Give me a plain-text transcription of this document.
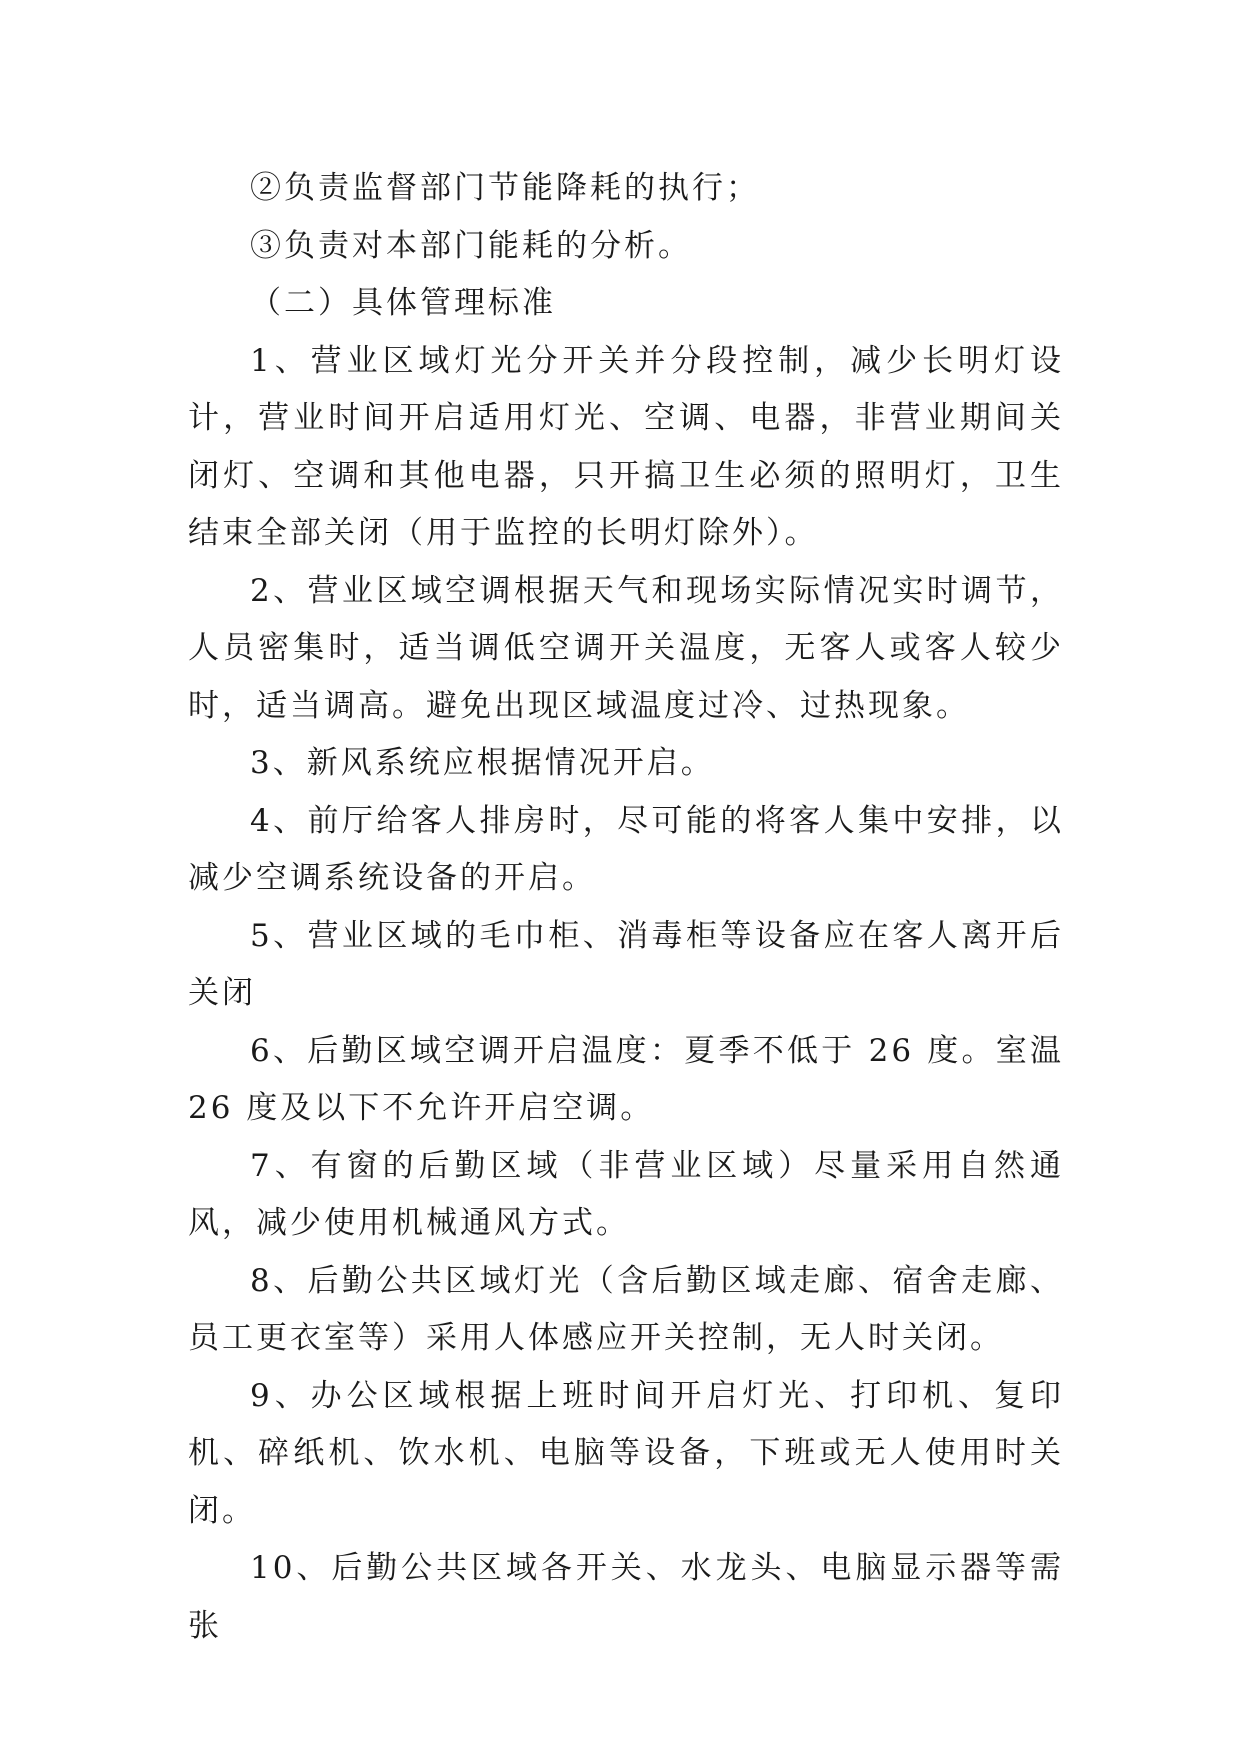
②负责监督部门节能降耗的执行；

③负责对本部门能耗的分析。

（二）具体管理标准

1、营业区域灯光分开关并分段控制，减少长明灯设计，营业时间开启适用灯光、空调、电器，非营业期间关闭灯、空调和其他电器，只开搞卫生必须的照明灯，卫生结束全部关闭（用于监控的长明灯除外）。

2、营业区域空调根据天气和现场实际情况实时调节，人员密集时，适当调低空调开关温度，无客人或客人较少时，适当调高。避免出现区域温度过冷、过热现象。

3、新风系统应根据情况开启。

4、前厅给客人排房时，尽可能的将客人集中安排，以减少空调系统设备的开启。

5、营业区域的毛巾柜、消毒柜等设备应在客人离开后关闭

6、后勤区域空调开启温度：夏季不低于 26 度。室温 26 度及以下不允许开启空调。

7、有窗的后勤区域（非营业区域）尽量采用自然通风，减少使用机械通风方式。

8、后勤公共区域灯光（含后勤区域走廊、宿舍走廊、员工更衣室等）采用人体感应开关控制，无人时关闭。

9、办公区域根据上班时间开启灯光、打印机、复印机、碎纸机、饮水机、电脑等设备，下班或无人使用时关闭。

10、后勤公共区域各开关、水龙头、电脑显示器等需张
